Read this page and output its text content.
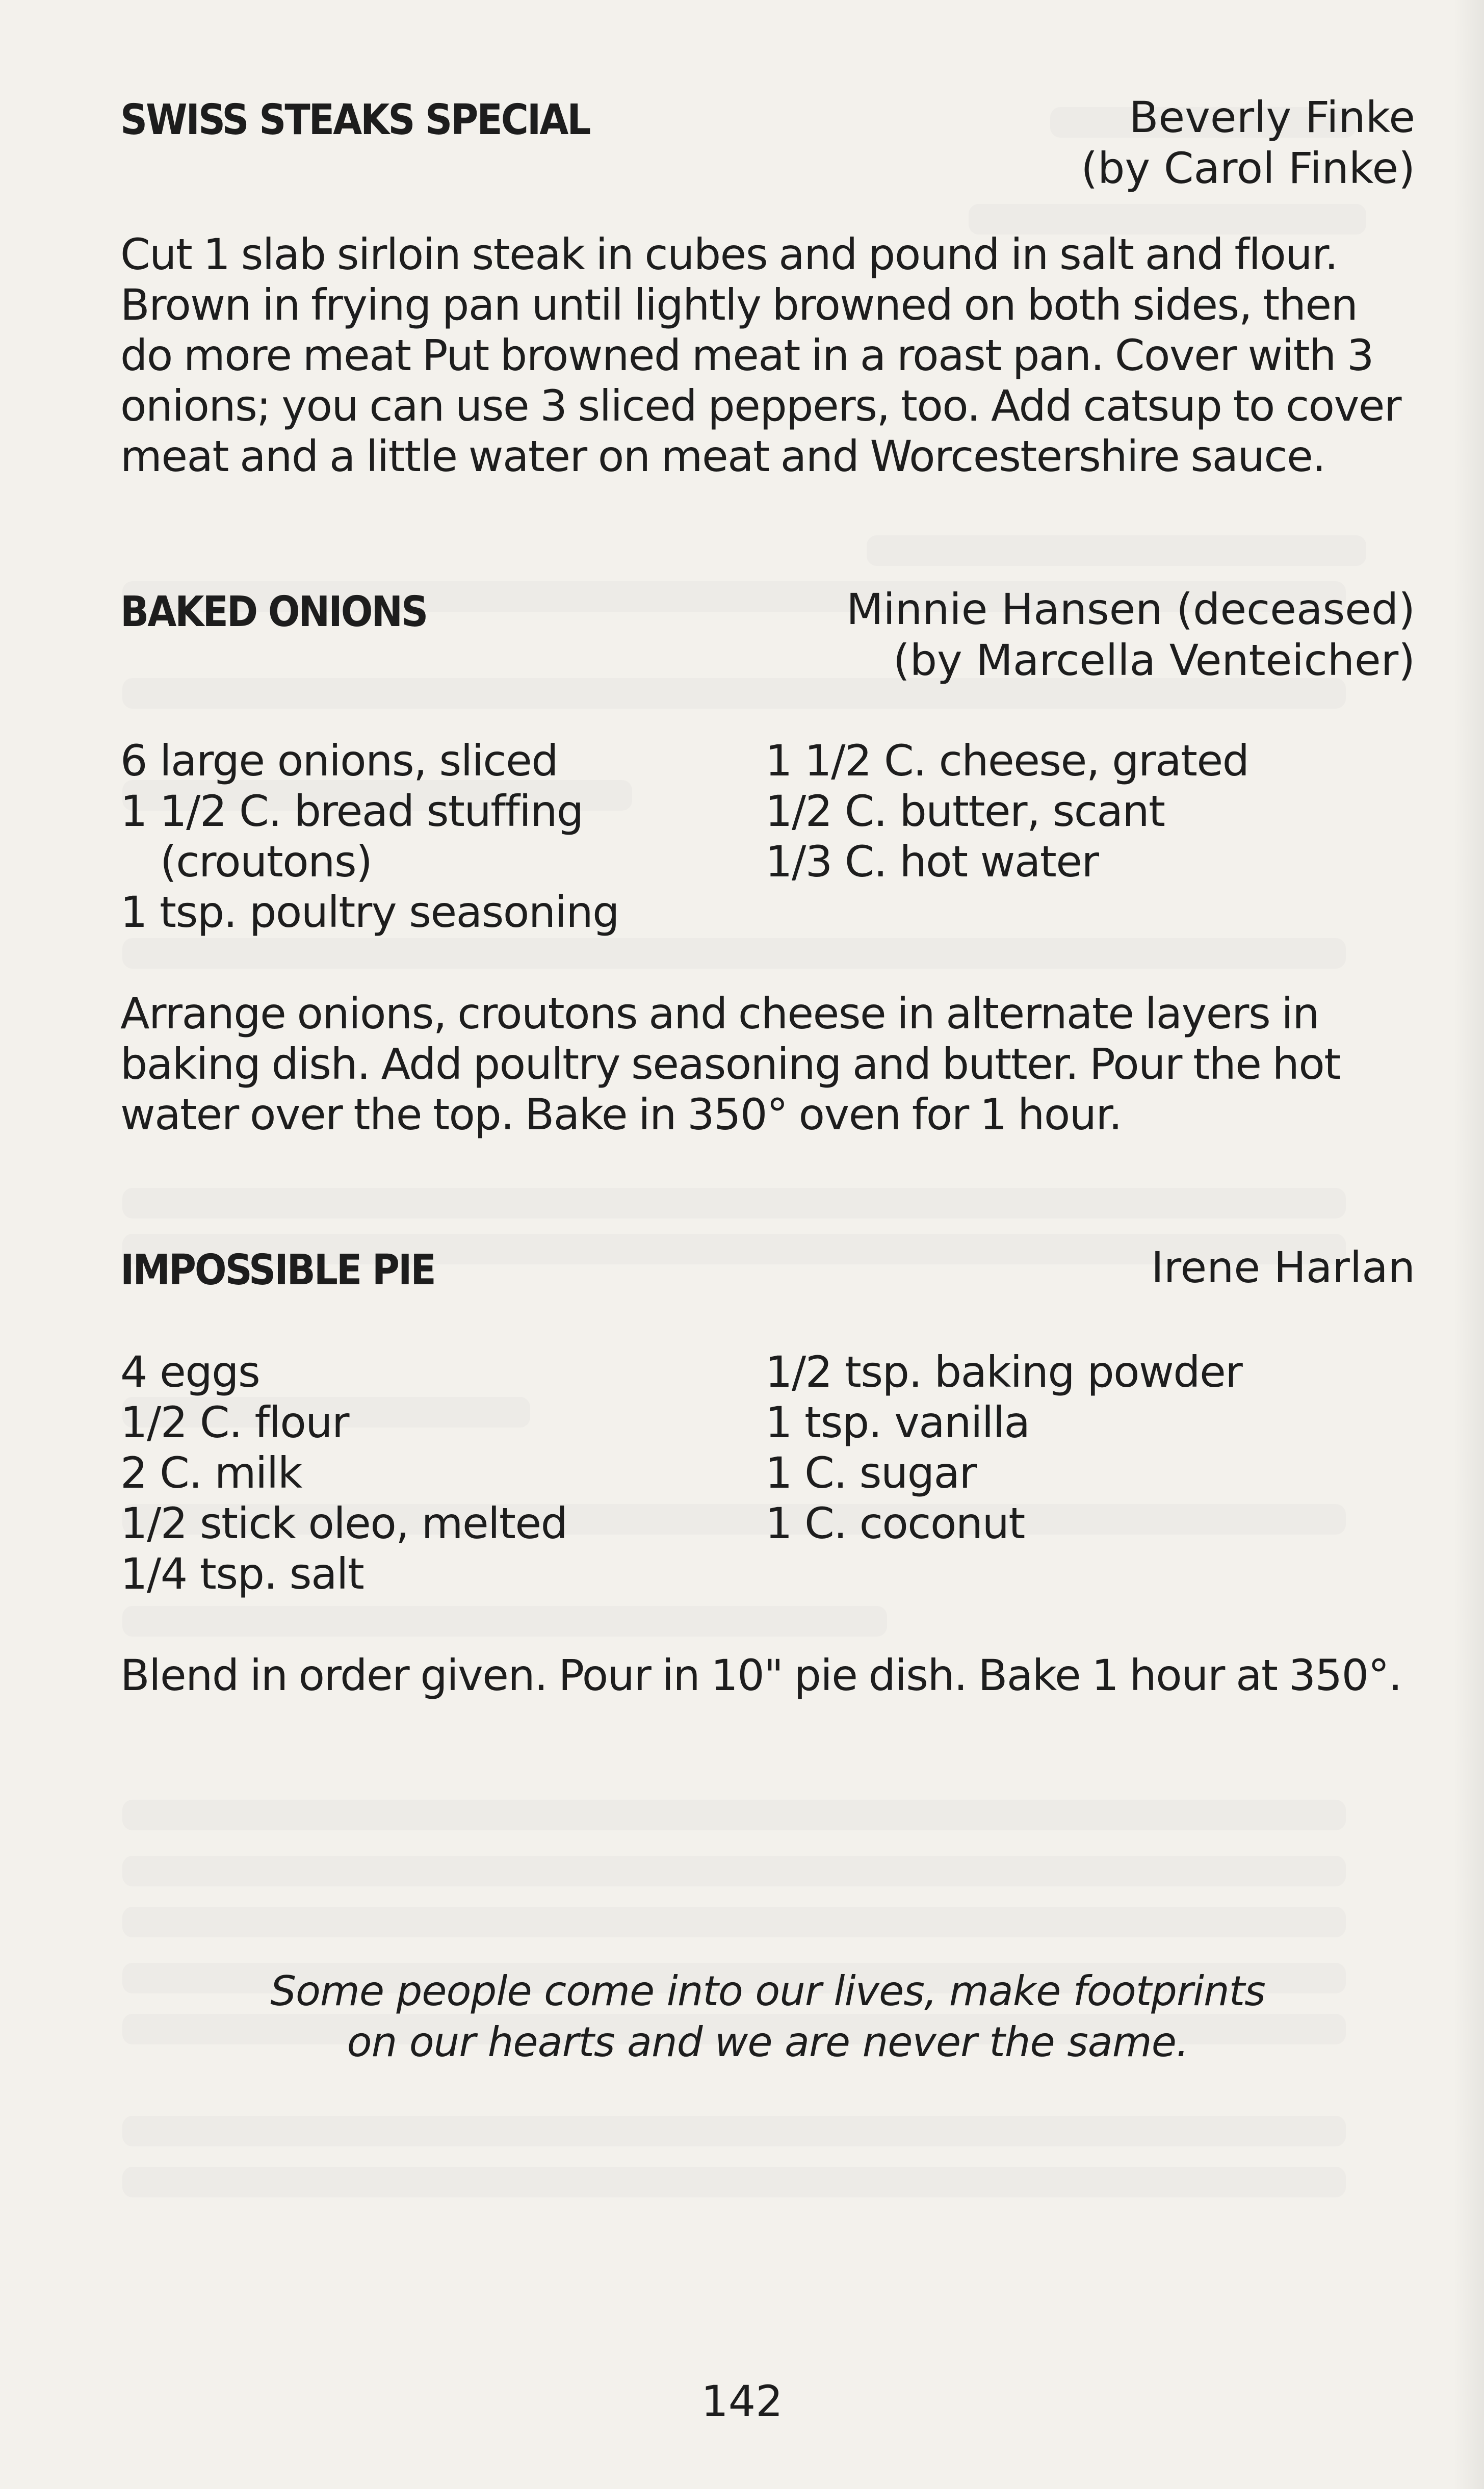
SWISS STEAKS SPECIAL	Beverly Finke
(by Carol Finke)
Cut 1 slab sirloin steak in cubes and pound in salt and flour. Brown in frying pan until lightly browned on both sides, then do more meat Put browned meat in a roast pan. Cover with 3 onions; you can use 3 sliced peppers, too. Add catsup to cover meat and a little water on meat and Worcestershire sauce.
BAKED ONIONS	Minnie Hansen (deceased)
(by Marcella Venteicher)
6 large onions, sliced
1 1/2 C. bread stuffing
(croutons)
1 tsp. poultry seasoning
1 1/2 C. cheese, grated
1/2 C. butter, scant
1/3 C. hot water
Arrange onions, croutons and cheese in alternate layers in baking dish. Add poultry seasoning and butter. Pour the hot water over the top. Bake in 350° oven for 1 hour.
IMPOSSIBLE PIE	Irene Harlan
4 eggs
1/2 C. flour
2 C. milk
1/2 stick oleo, melted
1/4 tsp. salt
1/2 tsp. baking powder
1 tsp. vanilla
1 C. sugar
1 C. coconut
Blend in order given. Pour in 10" pie dish. Bake 1 hour at 350°.
Some people come into our lives, make footprints
on our hearts and we are never the same.
142
